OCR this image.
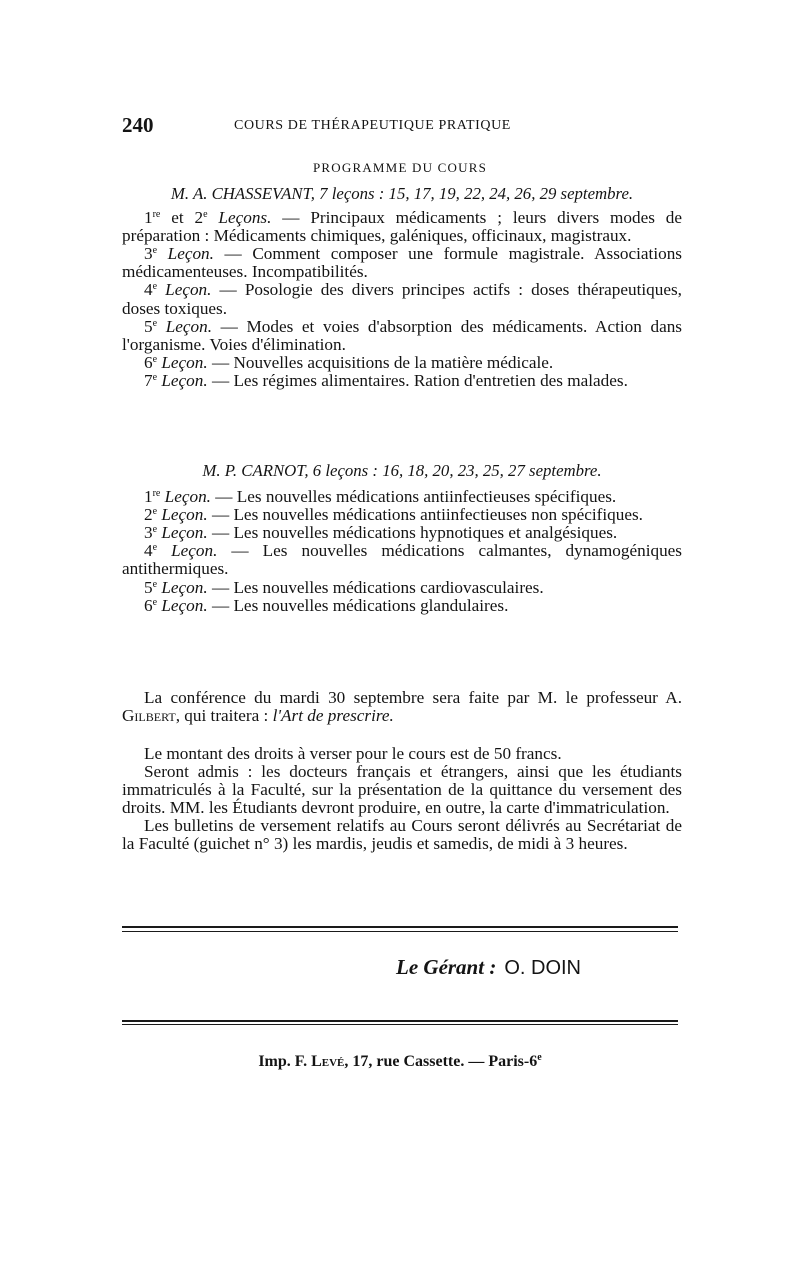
240	COURS DE THÉRAPEUTIQUE PRATIQUE
PROGRAMME DU COURS

M. A. CHASSEVANT, 7 leçons : 15, 17, 19, 22, 24, 26, 29 septembre.

1re et 2e Leçons. — Principaux médicaments ; leurs divers modes de préparation : Médicaments chimiques, galéniques, officinaux, magistraux.

3e Leçon. — Comment composer une formule magistrale. Associations médicamenteuses. Incompatibilités.

4e Leçon. — Posologie des divers principes actifs : doses thérapeutiques, doses toxiques.

5e Leçon. — Modes et voies d'absorption des médicaments. Action dans l'organisme. Voies d'élimination.

6e Leçon. — Nouvelles acquisitions de la matière médicale.

7e Leçon. — Les régimes alimentaires. Ration d'entretien des malades.

M. P. CARNOT, 6 leçons : 16, 18, 20, 23, 25, 27 septembre.

1re Leçon. — Les nouvelles médications antiinfectieuses spécifiques.

2e Leçon. — Les nouvelles médications antiinfectieuses non spécifiques.

3e Leçon. — Les nouvelles médications hypnotiques et analgésiques.

4e Leçon. — Les nouvelles médications calmantes, dynamogéniques antithermiques.

5e Leçon. — Les nouvelles médications cardiovasculaires.

6e Leçon. — Les nouvelles médications glandulaires.

La conférence du mardi 30 septembre sera faite par M. le professeur A. Gilbert, qui traitera : l'Art de prescrire.

Le montant des droits à verser pour le cours est de 50 francs.

Seront admis : les docteurs français et étrangers, ainsi que les étudiants immatriculés à la Faculté, sur la présentation de la quittance du versement des droits. MM. les Étudiants devront produire, en outre, la carte d'immatriculation.

Les bulletins de versement relatifs au Cours seront délivrés au Secrétariat de la Faculté (guichet n° 3) les mardis, jeudis et samedis, de midi à 3 heures.

Le Gérant : O. DOIN
Imp. F. Levé, 17, rue Cassette. — Paris-6e
